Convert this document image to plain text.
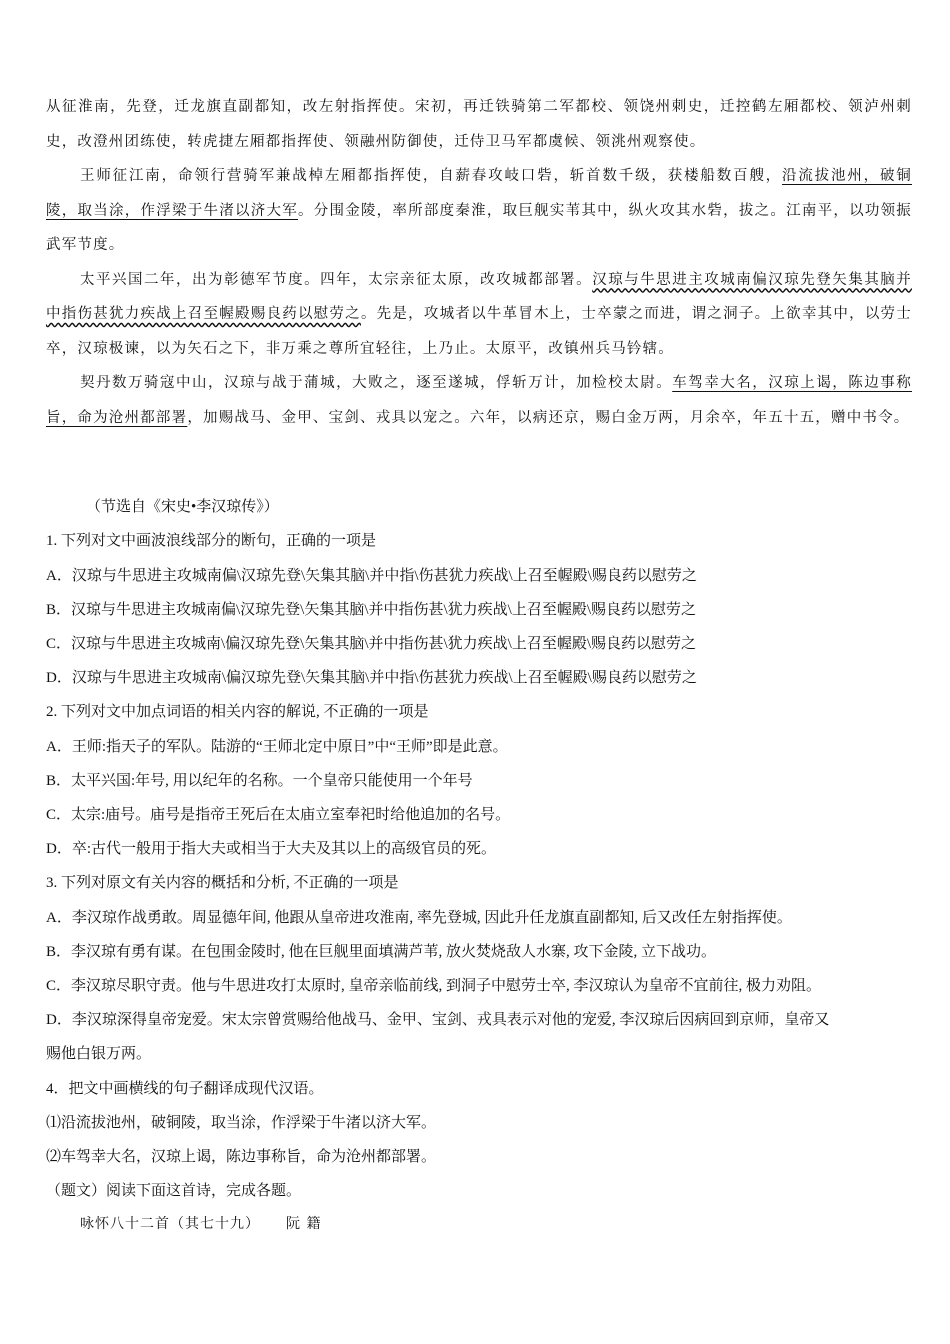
从征淮南，先登，迁龙旗直副都知，改左射指挥使。宋初，再迁铁骑第二军都校、领饶州刺史，迁控鹤左厢都校、领泸州刺史，改澄州团练使，转虎捷左厢都指挥使、领融州防御使，迁侍卫马军都虞候、领洮州观察使。

王师征江南，命领行营骑军兼战棹左厢都指挥使，自薪春攻岐口砦，斩首数千级，获楼船数百艘，沿流拔池州，破铜陵，取当涂，作浮梁于牛渚以济大军。分围金陵，率所部度秦淮，取巨舰实苇其中，纵火攻其水砦，拔之。江南平，以功领振武军节度。

太平兴国二年，出为彰德军节度。四年，太宗亲征太原，改攻城都部署。汉琼与牛思进主攻城南偏汉琼先登矢集其脑并中指伤甚犹力疾战上召至幄殿赐良药以慰劳之。先是，攻城者以牛革冒木上，士卒蒙之而进，谓之洞子。上欲幸其中，以劳士卒，汉琼极谏，以为矢石之下，非万乘之尊所宜轻往，上乃止。太原平，改镇州兵马钤辖。

契丹数万骑寇中山，汉琼与战于蒲城，大败之，逐至遂城，俘斩万计，加检校太尉。车驾幸大名，汉琼上谒，陈边事称旨，命为沧州都部署，加赐战马、金甲、宝剑、戎具以宠之。六年，以病还京，赐白金万两，月余卒，年五十五，赠中书令。

（节选自《宋史•李汉琼传》）

1. 下列对文中画波浪线部分的断句，正确的一项是

A．汉琼与牛思进主攻城南偏\汉琼先登\矢集其脑\并中指\伤甚犹力疾战\上召至幄殿\赐良药以慰劳之

B．汉琼与牛思进主攻城南偏\汉琼先登\矢集其脑\并中指伤甚\犹力疾战\上召至幄殿\赐良药以慰劳之

C．汉琼与牛思进主攻城南\偏汉琼先登\矢集其脑\并中指伤甚\犹力疾战\上召至幄殿\赐良药以慰劳之

D．汉琼与牛思进主攻城南\偏汉琼先登\矢集其脑\并中指\伤甚犹力疾战\上召至幄殿\赐良药以慰劳之

2. 下列对文中加点词语的相关内容的解说, 不正确的一项是

A．王师:指天子的军队。陆游的“王师北定中原日”中“王师”即是此意。

B．太平兴国:年号, 用以纪年的名称。一个皇帝只能使用一个年号

C．太宗:庙号。庙号是指帝王死后在太庙立室奉祀时给他追加的名号。

D．卒:古代一般用于指大夫或相当于大夫及其以上的高级官员的死。

3. 下列对原文有关内容的概括和分析, 不正确的一项是

A．李汉琼作战勇敢。周显德年间, 他跟从皇帝进攻淮南, 率先登城, 因此升任龙旗直副都知, 后又改任左射指挥使。

B．李汉琼有勇有谋。在包围金陵时, 他在巨舰里面填满芦苇, 放火焚烧敌人水寨, 攻下金陵, 立下战功。

C．李汉琼尽职守责。他与牛思进攻打太原时, 皇帝亲临前线, 到洞子中慰劳士卒, 李汉琼认为皇帝不宜前往, 极力劝阻。

D．李汉琼深得皇帝宠爱。宋太宗曾赏赐给他战马、金甲、宝剑、戎具表示对他的宠爱, 李汉琼后因病回到京师，皇帝又

赐他白银万两。

4．把文中画横线的句子翻译成现代汉语。

⑴沿流拔池州，破铜陵，取当涂，作浮梁于牛渚以济大军。

⑵车驾幸大名，汉琼上谒，陈边事称旨，命为沧州都部署。

（题文）阅读下面这首诗，完成各题。

咏怀八十二首（其七十九） 阮 籍
